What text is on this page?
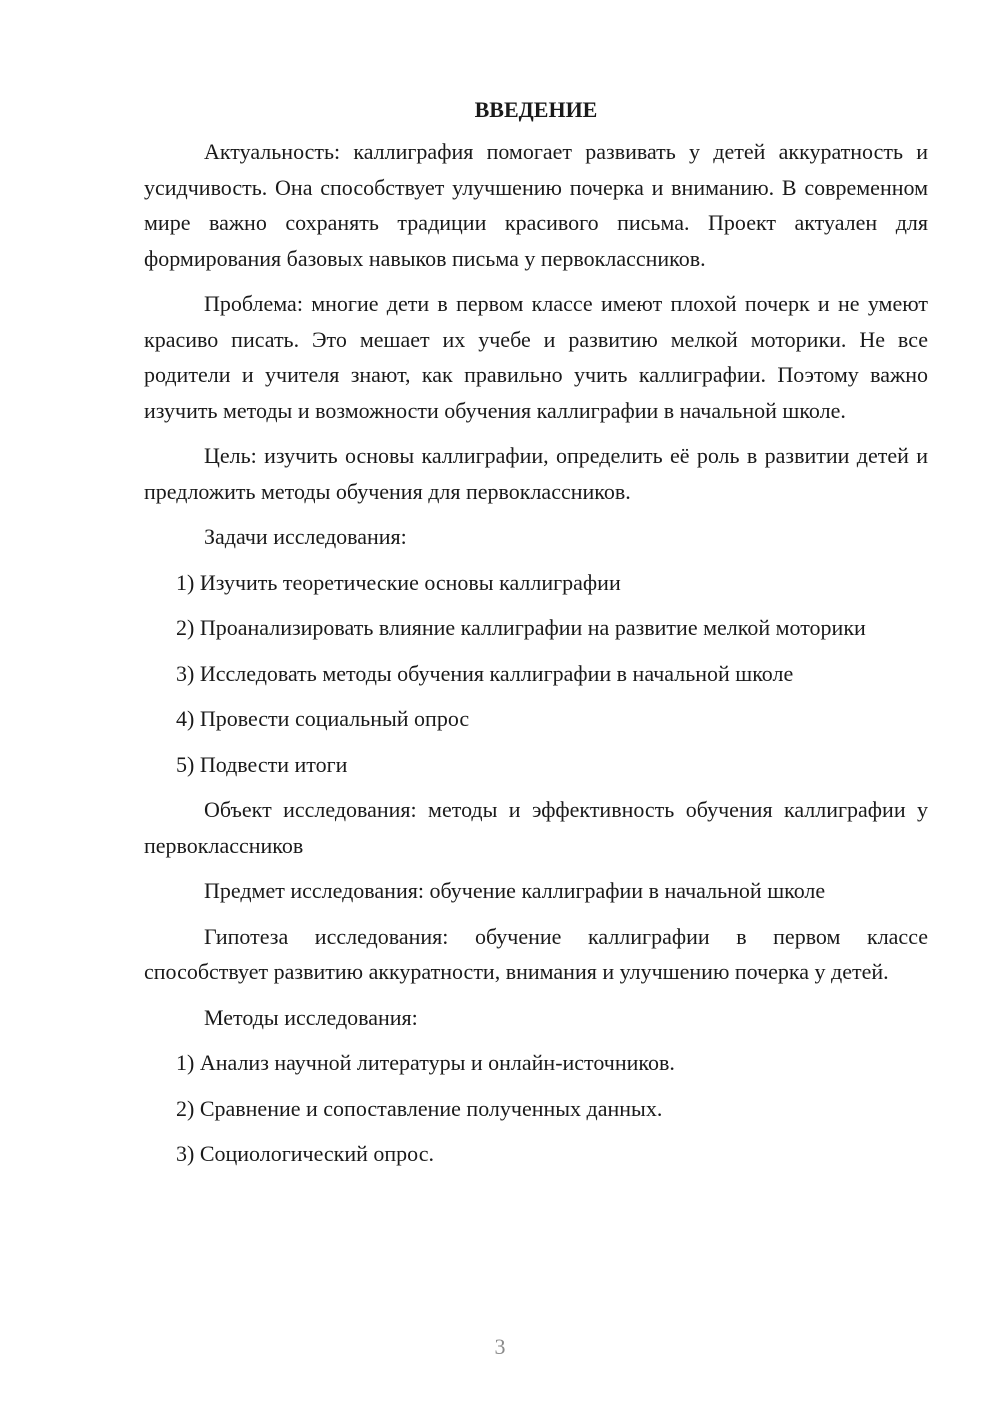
ВВЕДЕНИЕ

Актуальность: каллиграфия помогает развивать у детей аккуратность и усидчивость. Она способствует улучшению почерка и вниманию. В современном мире важно сохранять традиции красивого письма. Проект актуален для формирования базовых навыков письма у первоклассников.

Проблема: многие дети в первом классе имеют плохой почерк и не умеют красиво писать. Это мешает их учебе и развитию мелкой моторики. Не все родители и учителя знают, как правильно учить каллиграфии. Поэтому важно изучить методы и возможности обучения каллиграфии в начальной школе.

Цель: изучить основы каллиграфии, определить её роль в развитии детей и предложить методы обучения для первоклассников.

Задачи исследования:

1) Изучить теоретические основы каллиграфии

2) Проанализировать влияние каллиграфии на развитие мелкой моторики

3) Исследовать методы обучения каллиграфии в начальной школе

4) Провести социальный опрос

5) Подвести итоги

Объект исследования: методы и эффективность обучения каллиграфии у первоклассников

Предмет исследования: обучение каллиграфии в начальной школе

Гипотеза исследования: обучение каллиграфии в первом классе способствует развитию аккуратности, внимания и улучшению почерка у детей.

Методы исследования:

1) Анализ научной литературы и онлайн-источников.

2) Сравнение и сопоставление полученных данных.

3) Социологический опрос.

3
